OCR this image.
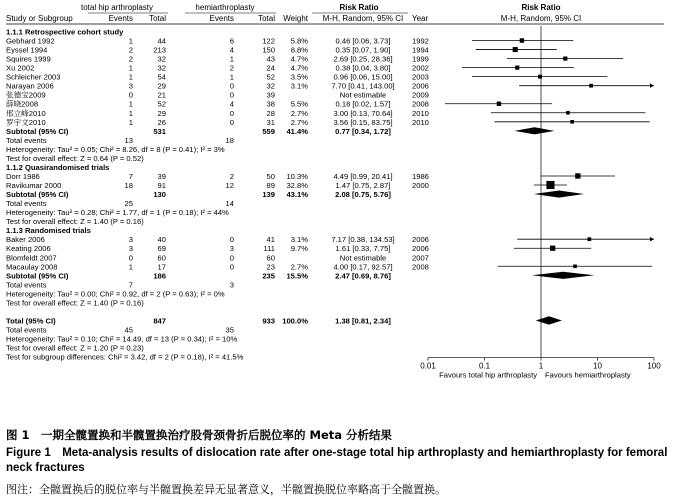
total hip arthroplasty	hemiarthroplasty	Risk Ratio	Risk Ratio
Study or Subgroup	Events Total	Events	Total Weight M-H, Random, 95% CI Year	M-H, Random, 95% CI
1.1.1 Retrospective cohort study
Gebhard 1992	1	44	6	122 5.8%	0.46 [0.06, 3.73]	1992
Eyssel 1994	2	213	4	150 8.8%	0.35 [0.07, 1.90]	1994
Squires 1999	2	32	1	43 4.7%	2.69 [0.25, 28.36]	1999
Xu 2002	1	32	2	24 4.7%	0.38 [0.04, 3.80]	2002
Schleicher 2003	1	54	1	52 3.5%	0.96 [0.06, 15.00]	2003
Narayan 2006	3	29	0	32 3.1%	7.70 [0.41, 143.00] 2006
张德宝2009	0	21	0	39	Not estimable	2009
薛晓2008	1	52	4	38 5.5%	0.18 [0.02, 1.57]	2008
邢立峰2010	1	29	0	28 2.7%	3.00 [0.13, 70.64]	2010
罗宇文2010	1	26	0	31 2.7%	3.56 [0.15, 83.75]	2010
Subtotal (95% CI)	531	559 41.4%	0.77 [0.34, 1.72]
Total events	13	18
Heterogeneity: Tau² = 0.05; Chi² = 8.26, df = 8 (P = 0.41); I² = 3%
Test for overall effect: Z = 0.64 (P = 0.52)
1.1.2 Quasirandomised trials
Dorr 1986	7	39	2	50 10.3%	4.49 [0.99, 20.41]	1986
Ravikumar 2000	18	91	12	89 32.8%	1.47 [0.75, 2.87]	2000
Subtotal (95% CI)	130	139 43.1%	2.08 [0.75, 5.76]
Total events	25	14
Heterogeneity: Tau² = 0.28; Chi² = 1.77, df = 1 (P = 0.18); I² = 44%
Test for overall effect: Z = 1.40 (P = 0.16)
1.1.3 Randomised trials
Baker 2006	3	40	0	41 3.1%	7.17 [0.38, 134.53] 2006
Keating 2006	3	69	3	111 9.7%	1.61 [0.33, 7.75]	2006
Blomfeldt 2007	0	60	0	60	Not estimable	2007
Macaulay 2008	1	17	0	23 2.7%	4.00 [0.17, 92.57]	2008
Subtotal (95% CI)	186	235 15.5%	2.47 [0.69, 8.76]
Total events	7	3
Heterogeneity: Tau² = 0.00; Chi² = 0.92, df = 2 (P = 0.63); I² = 0%
Test for overall effect: Z = 1.40 (P = 0.16)
Total (95% CI)	847	933 100.0%	1.38 [0.81, 2.34]
Total events	45	35
Heterogeneity: Tau² = 0.10; Chi² = 14.49, df = 13 (P = 0.34); I² = 10%
Test for overall effect: Z = 1.20 (P = 0.23)
Test for subgroup differences: Chi² = 3.42, df = 2 (P = 0.18), I² = 41.5%
0.01	0.1	1	10	100
Favours total hip arthroplasty Favours hemiarthroplasty
图 1　一期全髋置换和半髋置换治疗股骨颈骨折后脱位率的 Meta 分析结果
Figure 1　Meta-analysis results of dislocation rate after one-stage total hip arthroplasty and hemiarthroplasty for femoral neck fractures
图注：全髋置换后的脱位率与半髋置换差异无显著意义，半髋置换脱位率略高于全髋置换。
